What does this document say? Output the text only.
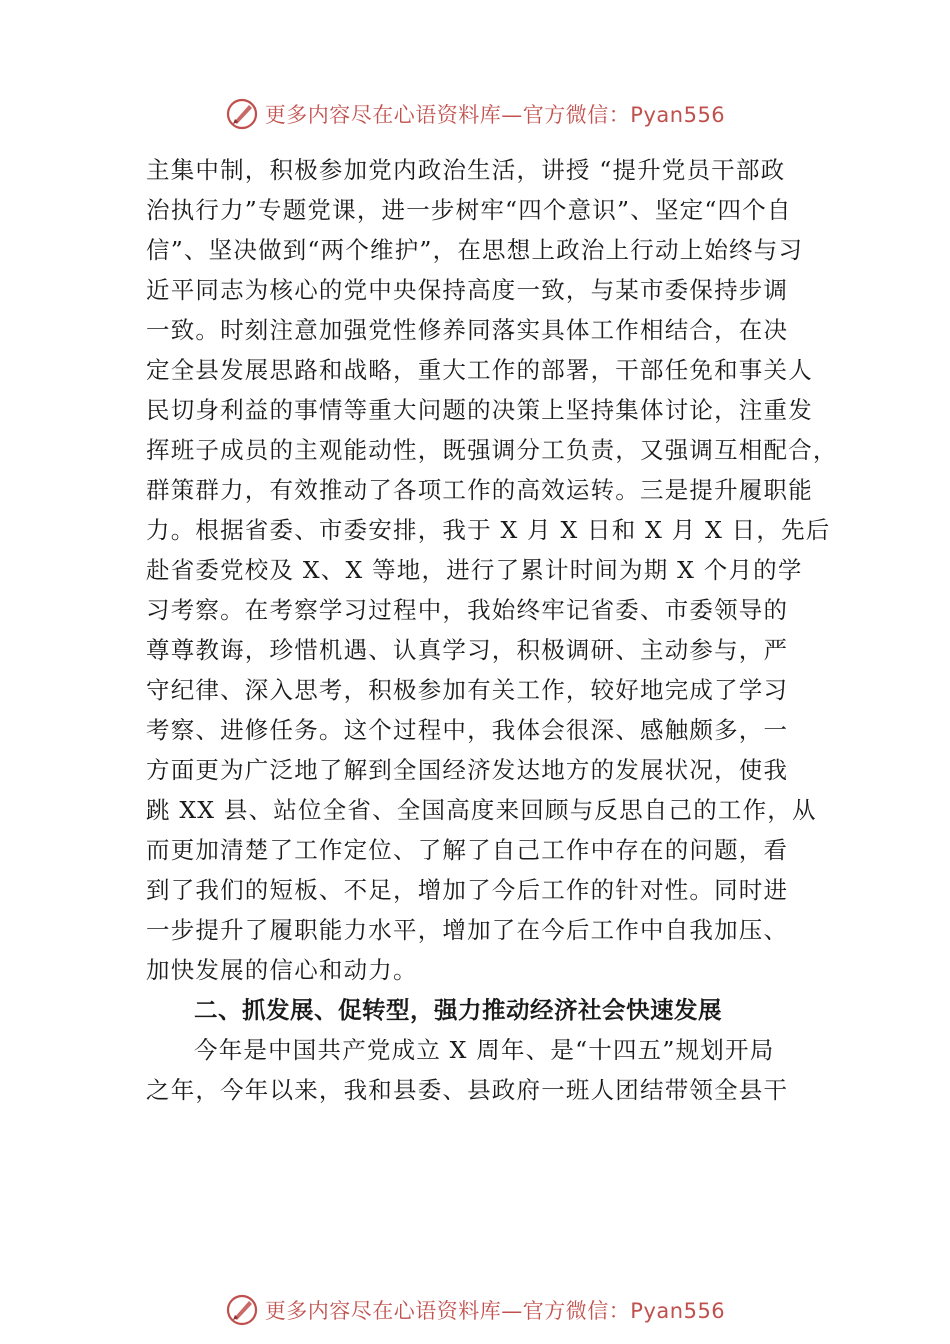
更多内容尽在心语资料库—官方微信：Pyan556
主集中制，积极参加党内政治生活，讲授 “提升党员干部政
治执行力”专题党课，进一步树牢“四个意识”、坚定“四个自
信”、坚决做到“两个维护”，在思想上政治上行动上始终与习
近平同志为核心的党中央保持高度一致，与某市委保持步调
一致。时刻注意加强党性修养同落实具体工作相结合，在决
定全县发展思路和战略，重大工作的部署，干部任免和事关人
民切身利益的事情等重大问题的决策上坚持集体讨论，注重发
挥班子成员的主观能动性，既强调分工负责，又强调互相配合，
群策群力，有效推动了各项工作的高效运转。三是提升履职能
力。根据省委、市委安排，我于 X 月 X 日和 X 月 X 日，先后
赴省委党校及 X、X 等地，进行了累计时间为期 X 个月的学
习考察。在考察学习过程中，我始终牢记省委、市委领导的
尊尊教诲，珍惜机遇、认真学习，积极调研、主动参与，严
守纪律、深入思考，积极参加有关工作，较好地完成了学习
考察、进修任务。这个过程中，我体会很深、感触颇多，一
方面更为广泛地了解到全国经济发达地方的发展状况，使我
跳 XX 县、站位全省、全国高度来回顾与反思自己的工作，从
而更加清楚了工作定位、了解了自己工作中存在的问题，看
到了我们的短板、不足，增加了今后工作的针对性。同时进
一步提升了履职能力水平，增加了在今后工作中自我加压、
加快发展的信心和动力。
二、抓发展、促转型，强力推动经济社会快速发展
今年是中国共产党成立 X 周年、是“十四五”规划开局
之年，今年以来，我和县委、县政府一班人团结带领全县干
更多内容尽在心语资料库—官方微信：Pyan556
